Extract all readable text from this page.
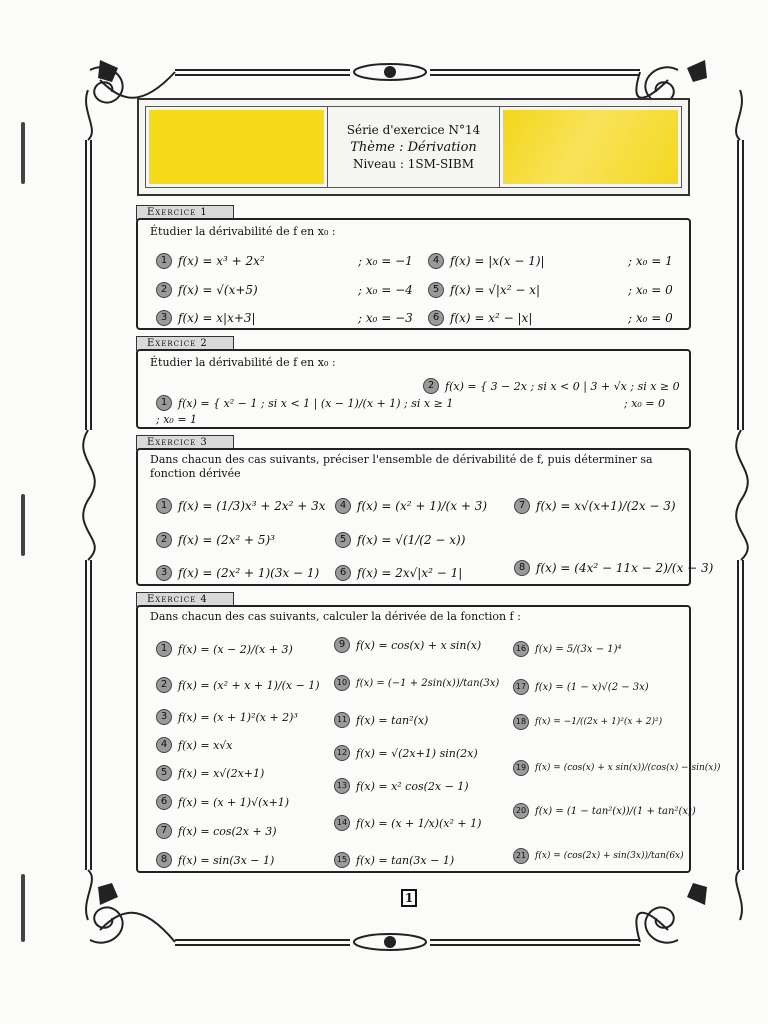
Série d'exercice N°14
Thème : Dérivation
Niveau : 1SM-SIBM
Exercice 1
Étudier la dérivabilité de f en x₀ :
1 f(x) = x³ + 2x²	; x₀ = −1
2 f(x) = √(x+5)	; x₀ = −4
3 f(x) = x|x+3|	; x₀ = −3
4 f(x) = |x(x − 1)|	; x₀ = 1
5 f(x) = √|x² − x|	; x₀ = 0
6 f(x) = x² − |x|	; x₀ = 0
Exercice 2
Étudier la dérivabilité de f en x₀ :
1 f(x) = { x² − 1 ; si x < 1 | (x − 1)/(x + 1) ; si x ≥ 1
; x₀ = 1
2 f(x) = { 3 − 2x ; si x < 0 | 3 + √x ; si x ≥ 0
; x₀ = 0
Exercice 3
Dans chacun des cas suivants, préciser l'ensemble de dérivabilité de f, puis déterminer sa fonction dérivée
1 f(x) = (1/3)x³ + 2x² + 3x
2 f(x) = (2x² + 5)³
3 f(x) = (2x² + 1)(3x − 1)
4 f(x) = (x² + 1)/(x + 3)
5 f(x) = √(1/(2 − x))
6 f(x) = 2x√|x² − 1|
7 f(x) = x√(x+1)/(2x − 3)
8 f(x) = (4x² − 11x − 2)/(x − 3)
Exercice 4
Dans chacun des cas suivants, calculer la dérivée de la fonction f :
1 f(x) = (x − 2)/(x + 3)
2 f(x) = (x² + x + 1)/(x − 1)
3 f(x) = (x + 1)²(x + 2)³
4 f(x) = x√x
5 f(x) = x√(2x+1)
6 f(x) = (x + 1)√(x+1)
7 f(x) = cos(2x + 3)
8 f(x) = sin(3x − 1)
9 f(x) = cos(x) + x sin(x)
10 f(x) = (−1 + 2sin(x))/tan(3x)
11 f(x) = tan²(x)
12 f(x) = √(2x+1) sin(2x)
13 f(x) = x² cos(2x − 1)
14 f(x) = (x + 1/x)(x² + 1)
15 f(x) = tan(3x − 1)
16 f(x) = 5/(3x − 1)⁴
17 f(x) = (1 − x)√(2 − 3x)
18 f(x) = −1/((2x + 1)²(x + 2)²)
19 f(x) = (cos(x) + x sin(x))/(cos(x) − sin(x))
20 f(x) = (1 − tan²(x))/(1 + tan²(x))
21 f(x) = (cos(2x) + sin(3x))/tan(6x)
1
